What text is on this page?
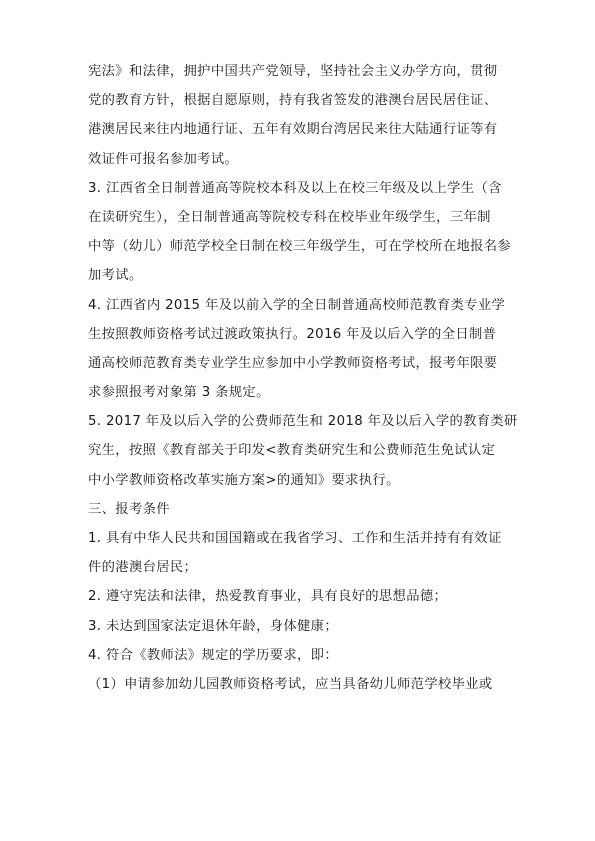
宪法》和法律，拥护中国共产党领导，坚持社会主义办学方向，贯彻

党的教育方针，根据自愿原则，持有我省签发的港澳台居民居住证、

港澳居民来往内地通行证、五年有效期台湾居民来往大陆通行证等有

效证件可报名参加考试。

3. 江西省全日制普通高等院校本科及以上在校三年级及以上学生（含

在读研究生），全日制普通高等院校专科在校毕业年级学生，三年制

中等（幼儿）师范学校全日制在校三年级学生，可在学校所在地报名参

加考试。

4. 江西省内 2015 年及以前入学的全日制普通高校师范教育类专业学

生按照教师资格考试过渡政策执行。2016 年及以后入学的全日制普

通高校师范教育类专业学生应参加中小学教师资格考试，报考年限要

求参照报考对象第 3 条规定。

5. 2017 年及以后入学的公费师范生和 2018 年及以后入学的教育类研

究生，按照《教育部关于印发<教育类研究生和公费师范生免试认定

中小学教师资格改革实施方案>的通知》要求执行。

三、报考条件

1. 具有中华人民共和国国籍或在我省学习、工作和生活并持有有效证

件的港澳台居民；

2. 遵守宪法和法律，热爱教育事业，具有良好的思想品德；

3. 未达到国家法定退休年龄，身体健康；

4. 符合《教师法》规定的学历要求，即：

（1）申请参加幼儿园教师资格考试，应当具备幼儿师范学校毕业或
